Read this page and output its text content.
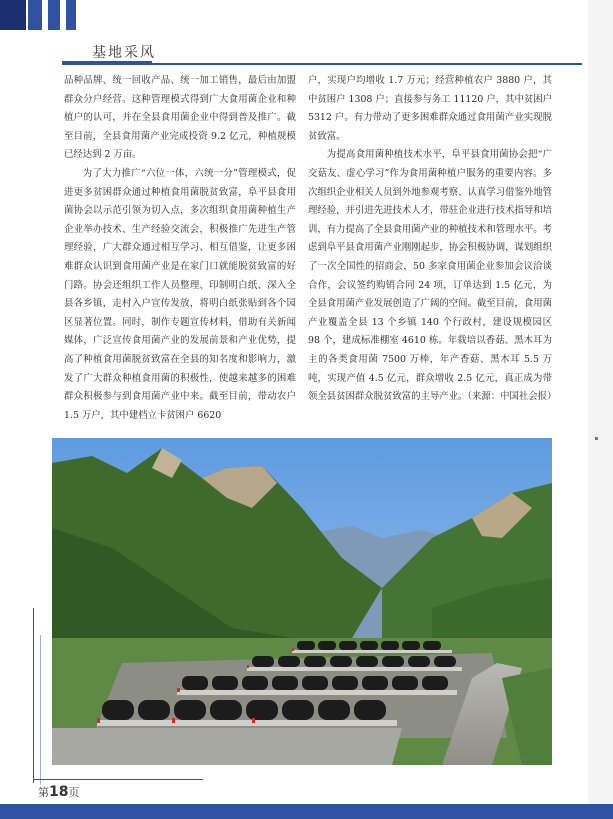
基地采风

品种品牌、统一回收产品、统一加工销售，最后由加盟群众分户经营。这种管理模式得到广大食用菌企业和种植户的认可，并在全县食用菌企业中得到普及推广。截至目前，全县食用菌产业完成投资 9.2 亿元，种植规模已经达到 2 万亩。

为了大力推广“六位一体，六统一分”管理模式，促进更多贫困群众通过种植食用菌脱贫致富，阜平县食用菌协会以示范引领为切入点，多次组织食用菌种植生产企业举办技术、生产经验交流会，积极推广先进生产管理经验，广大群众通过相互学习、相互借鉴，让更多困难群众认识到食用菌产业是在家门口就能脱贫致富的好门路。协会还组织工作人员整理、印制明白纸、深入全县各乡镇，走村入户宣传发放，将明白纸张贴到各个园区显著位置。同时，制作专题宣传材料，借助有关新闻媒体，广泛宣传食用菌产业的发展前景和产业优势，提高了种植食用菌脱贫致富在全县的知名度和影响力，激发了广大群众种植食用菌的积极性，使越来越多的困难群众积极参与到食用菌产业中来。截至目前，带动农户 1.5 万户，其中建档立卡贫困户 6620

户，实现户均增收 1.7 万元；经营种植农户 3880 户，其中贫困户 1308 户；直接参与务工 11120 户，其中贫困户 5312 户。有力带动了更多困难群众通过食用菌产业实现脱贫致富。

为提高食用菌种植技术水平，阜平县食用菌协会把“广交菇友、虚心学习”作为食用菌种植户服务的重要内容。多次组织企业相关人员到外地参观考察、认真学习借鉴外地管理经验，并引进先进技术人才，带驻企业进行技术指导和培训，有力提高了全县食用菌产业的种植技术和管理水平。考虑到阜平县食用菌产业刚刚起步，协会积极协调，谋划组织了一次全国性的招商会，50 多家食用菌企业参加会议洽谈合作，会议签约购销合同 24 项，订单达到 1.5 亿元，为全县食用菌产业发展创造了广阔的空间。截至目前，食用菌产业覆盖全县 13 个乡镇 140 个行政村，建设规模园区 98 个，建成标准棚室 4610 栋。年栽培以香菇、黑木耳为主的各类食用菌 7500 万棒，年产香菇、黑木耳 5.5 万吨，实现产值 4.5 亿元，群众增收 2.5 亿元，真正成为带领全县贫困群众脱贫致富的主导产业。（来源：中国社会报）

第18页
